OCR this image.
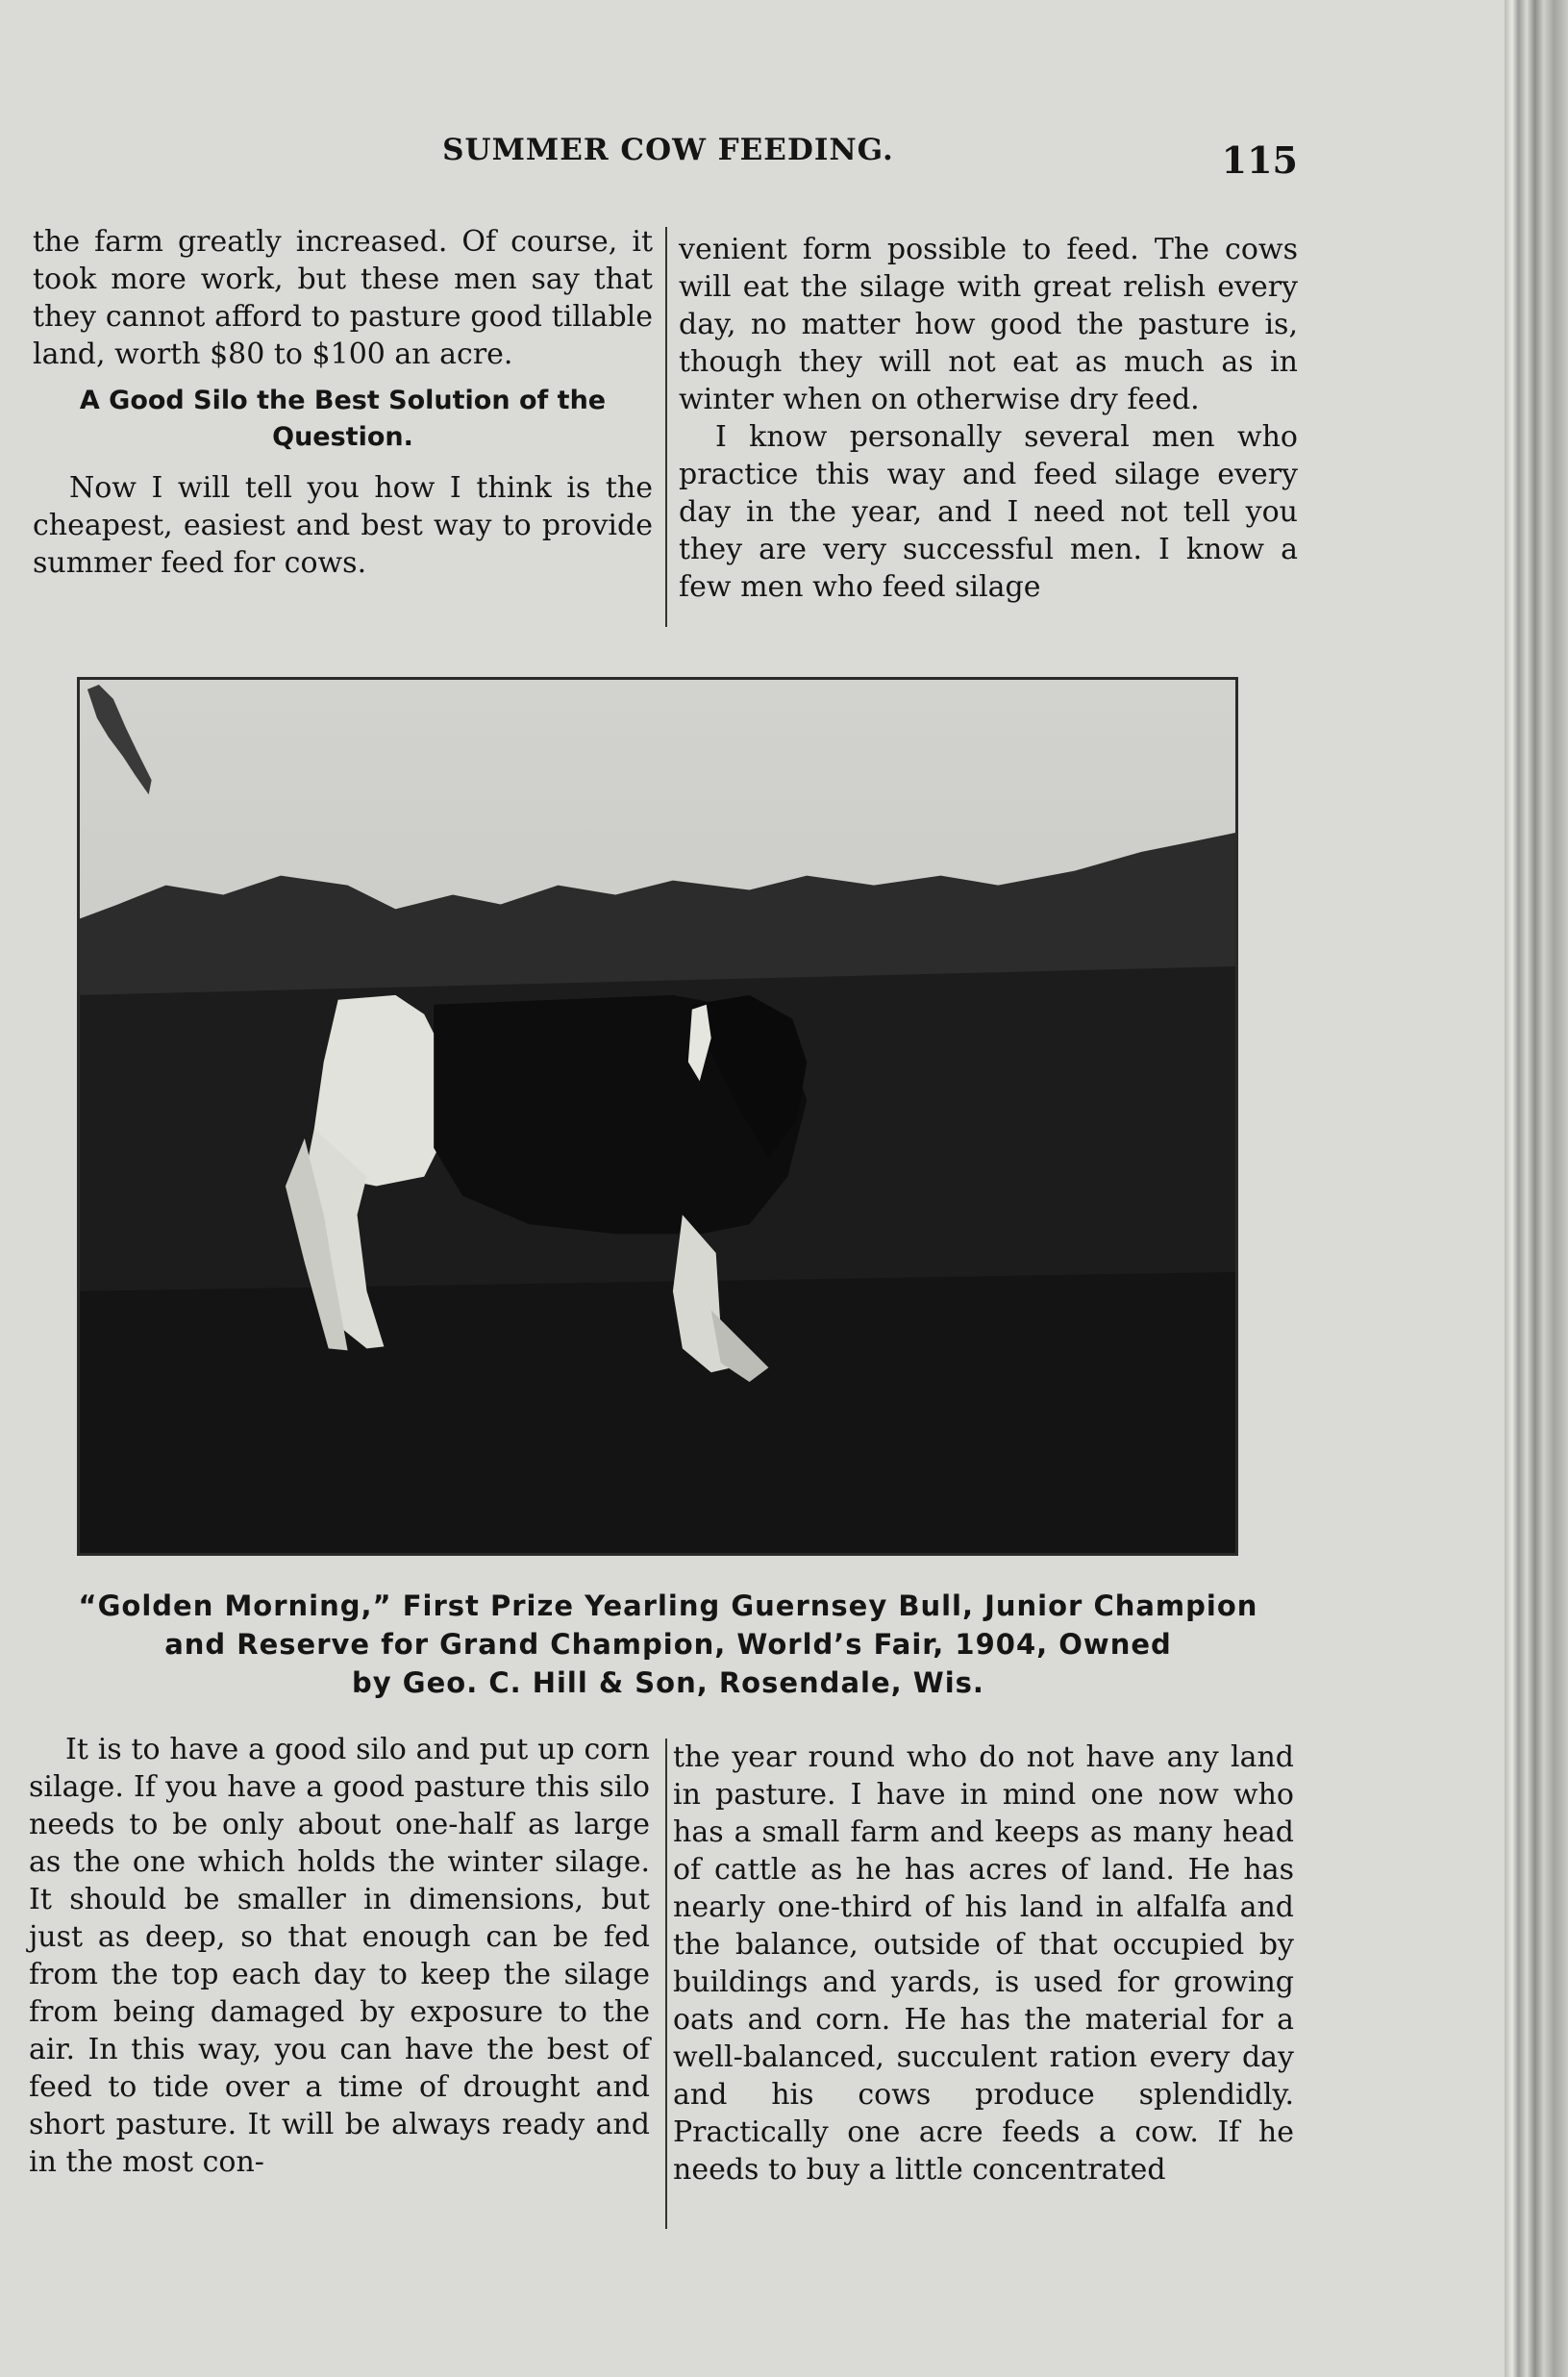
SUMMER COW FEEDING.	115

the farm greatly increased. Of course, it took more work, but these men say that they cannot afford to pasture good tillable land, worth $80 to $100 an acre.

A Good Silo the Best Solution of the Question.

Now I will tell you how I think is the cheapest, easiest and best way to provide summer feed for cows.

venient form possible to feed. The cows will eat the silage with great relish every day, no matter how good the pasture is, though they will not eat as much as in winter when on otherwise dry feed.

I know personally several men who practice this way and feed silage every day in the year, and I need not tell you they are very successful men. I know a few men who feed silage

“Golden Morning,” First Prize Yearling Guernsey Bull, Junior Champion
and Reserve for Grand Champion, World’s Fair, 1904, Owned
by Geo. C. Hill & Son, Rosendale, Wis.

It is to have a good silo and put up corn silage. If you have a good pasture this silo needs to be only about one-half as large as the one which holds the winter silage. It should be smaller in dimensions, but just as deep, so that enough can be fed from the top each day to keep the silage from being damaged by exposure to the air. In this way, you can have the best of feed to tide over a time of drought and short pasture. It will be always ready and in the most con-

the year round who do not have any land in pasture. I have in mind one now who has a small farm and keeps as many head of cattle as he has acres of land. He has nearly one-third of his land in alfalfa and the balance, outside of that occupied by buildings and yards, is used for growing oats and corn. He has the material for a well-balanced, succulent ration every day and his cows produce splendidly. Practically one acre feeds a cow. If he needs to buy a little concentrated
